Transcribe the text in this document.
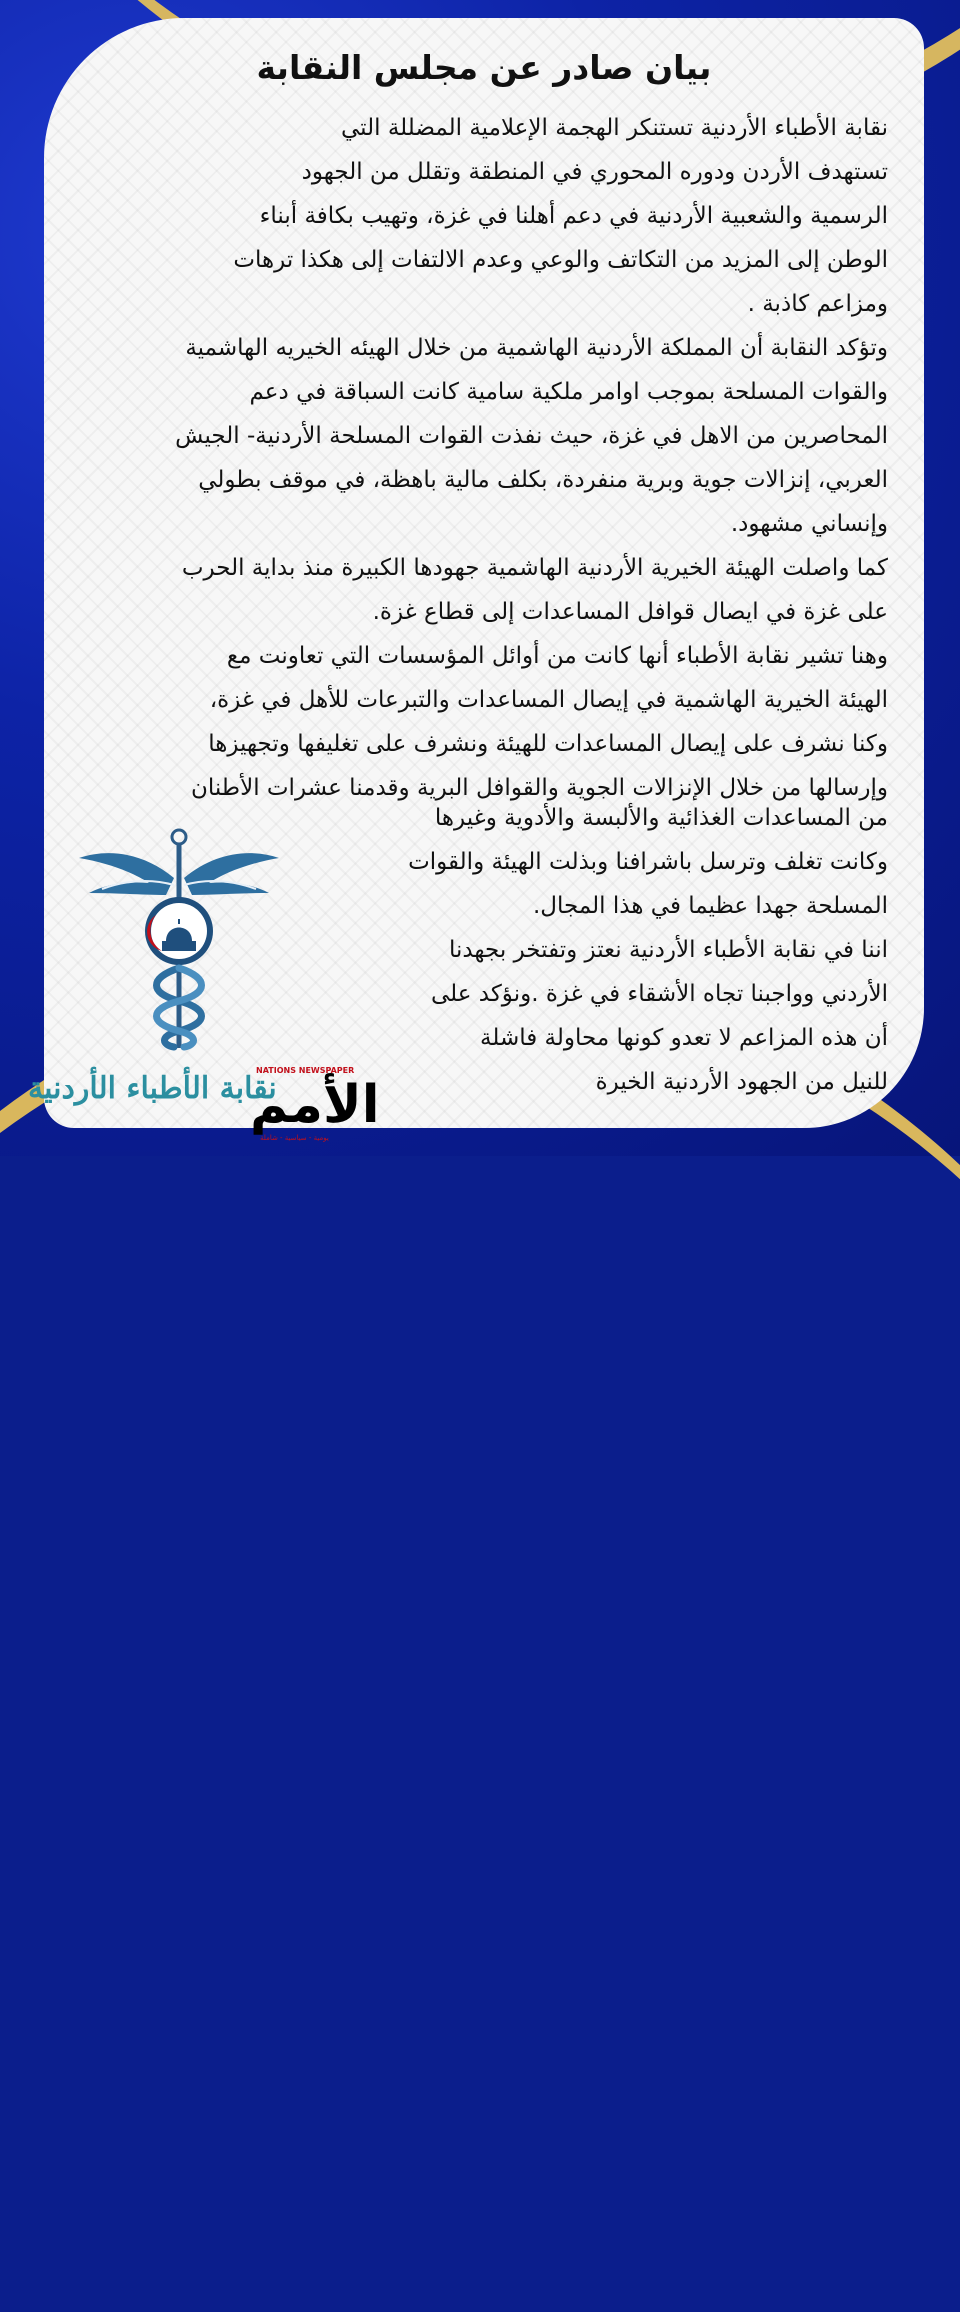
بيان صادر عن مجلس النقابة
نقابة الأطباء الأردنية تستنكر الهجمة الإعلامية المضللة التي
تستهدف الأردن ودوره المحوري في المنطقة وتقلل من الجهود
الرسمية والشعبية الأردنية في دعم أهلنا في غزة، وتهيب بكافة أبناء
الوطن إلى المزيد من التكاتف والوعي وعدم الالتفات إلى هكذا ترهات
ومزاعم كاذبة .
وتؤكد النقابة أن المملكة الأردنية الهاشمية من خلال الهيئه الخيريه الهاشمية
والقوات المسلحة بموجب اوامر ملكية سامية كانت السباقة في دعم
المحاصرين من الاهل في غزة، حيث نفذت القوات المسلحة الأردنية- الجيش
العربي، إنزالات جوية وبرية منفردة، بكلف مالية باهظة، في موقف بطولي
وإنساني مشهود.
كما واصلت الهيئة الخيرية الأردنية الهاشمية جهودها الكبيرة منذ بداية الحرب
على غزة في ايصال قوافل المساعدات إلى قطاع غزة.
وهنا تشير نقابة الأطباء أنها كانت من أوائل المؤسسات التي تعاونت مع
الهيئة الخيرية الهاشمية في إيصال المساعدات والتبرعات للأهل في غزة،
وكنا نشرف على إيصال المساعدات للهيئة ونشرف على تغليفها وتجهيزها
وإرسالها من خلال الإنزالات الجوية والقوافل البرية وقدمنا عشرات الأطنان
من المساعدات الغذائية والألبسة والأدوية وغيرها
وكانت تغلف وترسل باشرافنا وبذلت الهيئة والقوات
المسلحة جهدا عظيما في هذا المجال.
اننا في نقابة الأطباء الأردنية نعتز وتفتخر بجهدنا
الأردني وواجبنا تجاه الأشقاء في غزة .ونؤكد على
أن هذه المزاعم لا تعدو كونها محاولة فاشلة
للنيل من الجهود الأردنية الخيرة
نقابة الأطباء الأردنية
NATIONS NEWSPAPER
الأمم
يومية - سياسية - شاملة
